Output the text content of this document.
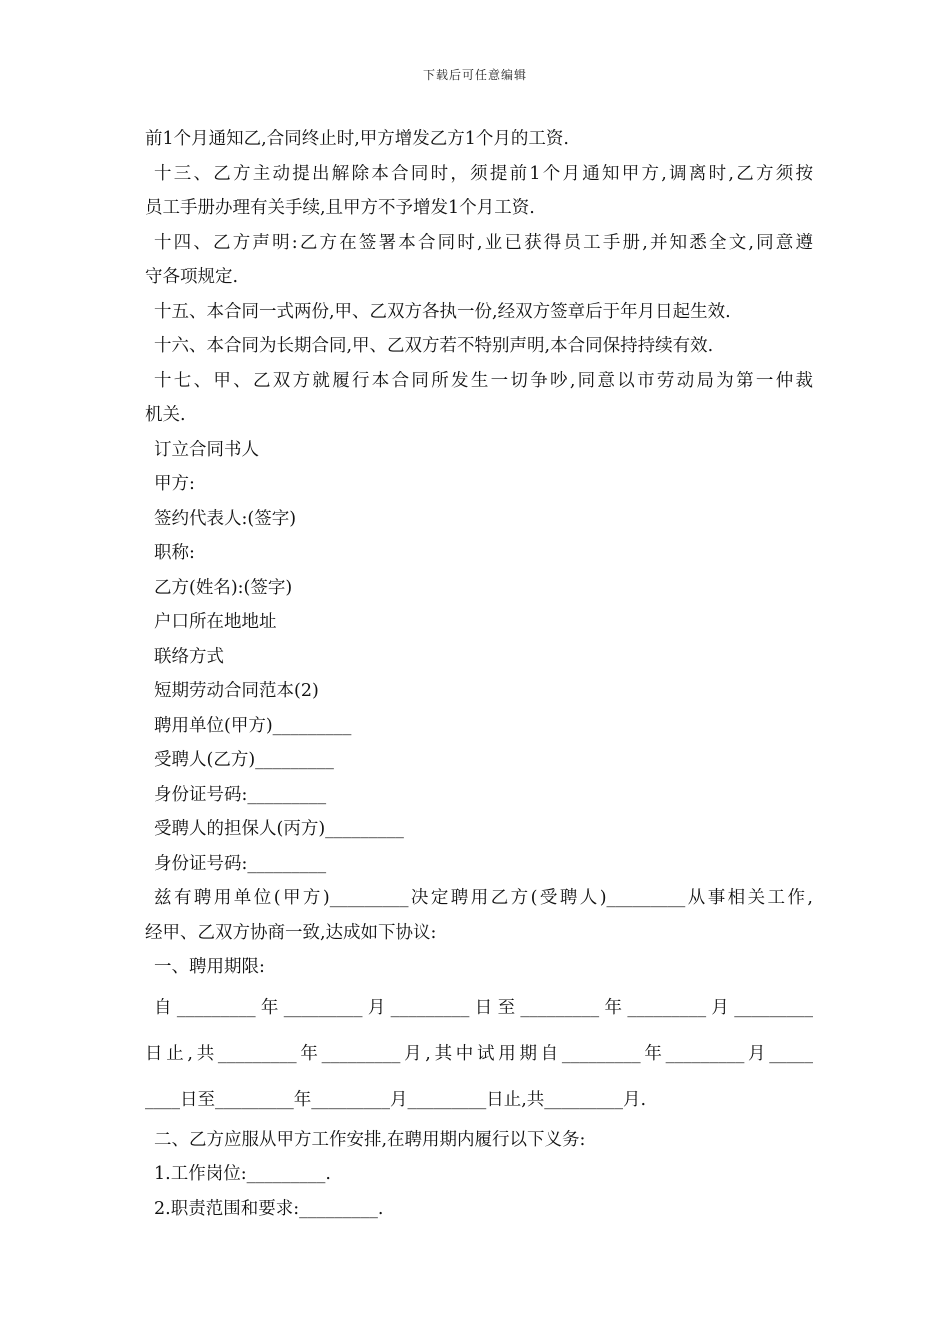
下载后可任意编辑
前1个月通知乙,合同终止时,甲方增发乙方1个月的工资.
十三、乙方主动提出解除本合同时，须提前1个月通知甲方,调离时,乙方须按
员工手册办理有关手续,且甲方不予增发1个月工资.
十四、乙方声明:乙方在签署本合同时,业已获得员工手册,并知悉全文,同意遵
守各项规定.
十五、本合同一式两份,甲、乙双方各执一份,经双方签章后于年月日起生效.
十六、本合同为长期合同,甲、乙双方若不特别声明,本合同保持持续有效.
十七、甲、乙双方就履行本合同所发生一切争吵,同意以市劳动局为第一仲裁
机关.
订立合同书人
甲方:
签约代表人:(签字)
职称:
乙方(姓名):(签字)
户口所在地地址
联络方式
短期劳动合同范本(2)
聘用单位(甲方)_________
受聘人(乙方)_________
身份证号码:_________
受聘人的担保人(丙方)_________
身份证号码:_________
兹有聘用单位(甲方)_________决定聘用乙方(受聘人)_________从事相关工作,
经甲、乙双方协商一致,达成如下协议:
一、聘用期限:
自_________年_________月_________日至_________年_________月_________
日止,共_________年_________月,其中试用期自_________年_________月_____
____日至_________年_________月_________日止,共_________月.
二、乙方应服从甲方工作安排,在聘用期内履行以下义务:
1.工作岗位:_________.
2.职责范围和要求:_________.
